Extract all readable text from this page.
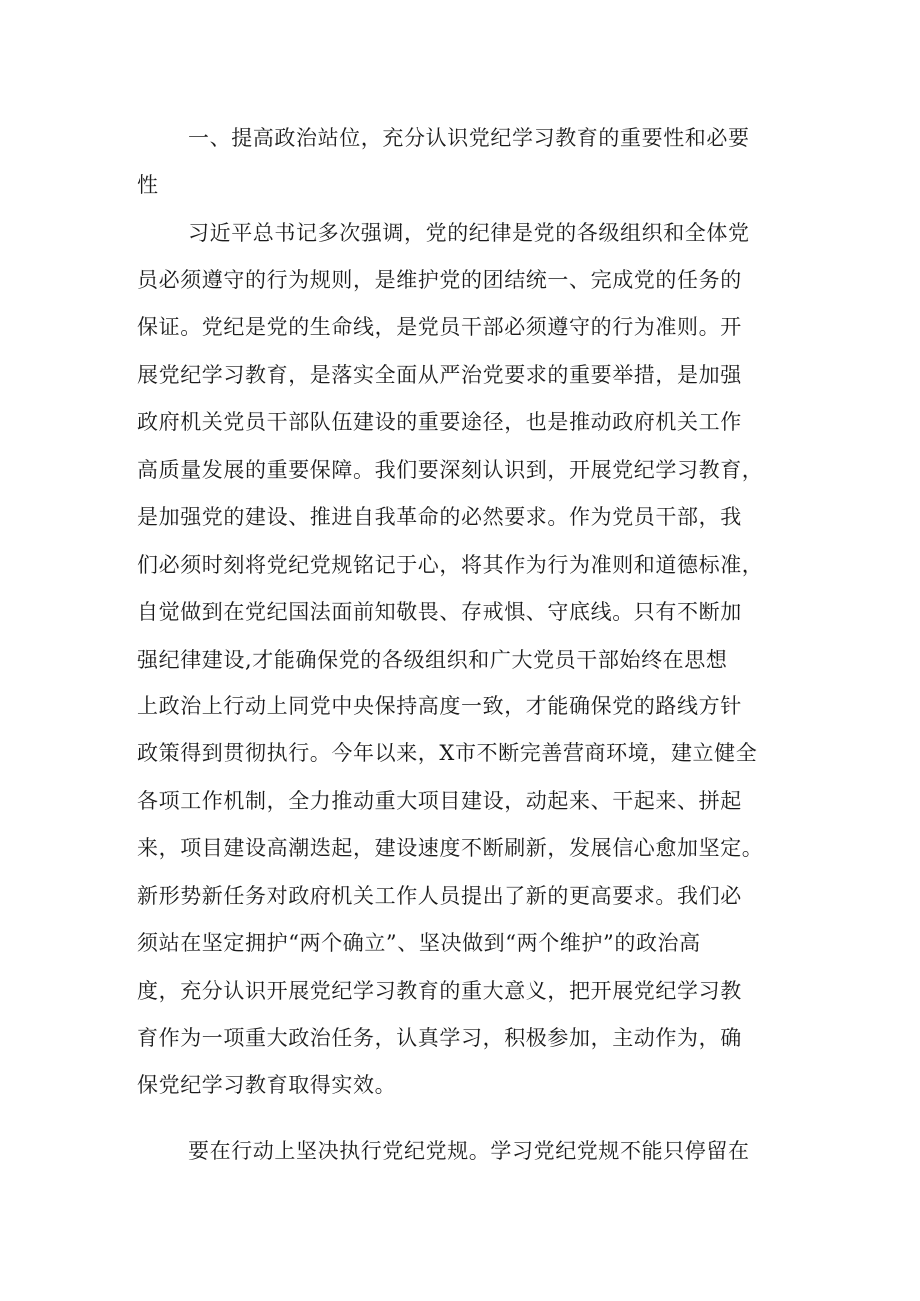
一、提高政治站位，充分认识党纪学习教育的重要性和必要
性
习近平总书记多次强调，党的纪律是党的各级组织和全体党
员必须遵守的行为规则，是维护党的团结统一、完成党的任务的
保证。党纪是党的生命线，是党员干部必须遵守的行为准则。开
展党纪学习教育，是落实全面从严治党要求的重要举措，是加强
政府机关党员干部队伍建设的重要途径，也是推动政府机关工作
高质量发展的重要保障。我们要深刻认识到，开展党纪学习教育，
是加强党的建设、推进自我革命的必然要求。作为党员干部，我
们必须时刻将党纪党规铭记于心，将其作为行为准则和道德标准，
自觉做到在党纪国法面前知敬畏、存戒惧、守底线。只有不断加
强纪律建设,才能确保党的各级组织和广大党员干部始终在思想
上政治上行动上同党中央保持高度一致，才能确保党的路线方针
政策得到贯彻执行。今年以来，X市不断完善营商环境，建立健全
各项工作机制，全力推动重大项目建设，动起来、干起来、拼起
来，项目建设高潮迭起，建设速度不断刷新，发展信心愈加坚定。
新形势新任务对政府机关工作人员提出了新的更高要求。我们必
须站在坚定拥护“两个确立”、坚决做到“两个维护”的政治高
度，充分认识开展党纪学习教育的重大意义，把开展党纪学习教
育作为一项重大政治任务，认真学习，积极参加，主动作为，确
保党纪学习教育取得实效。
要在行动上坚决执行党纪党规。学习党纪党规不能只停留在
